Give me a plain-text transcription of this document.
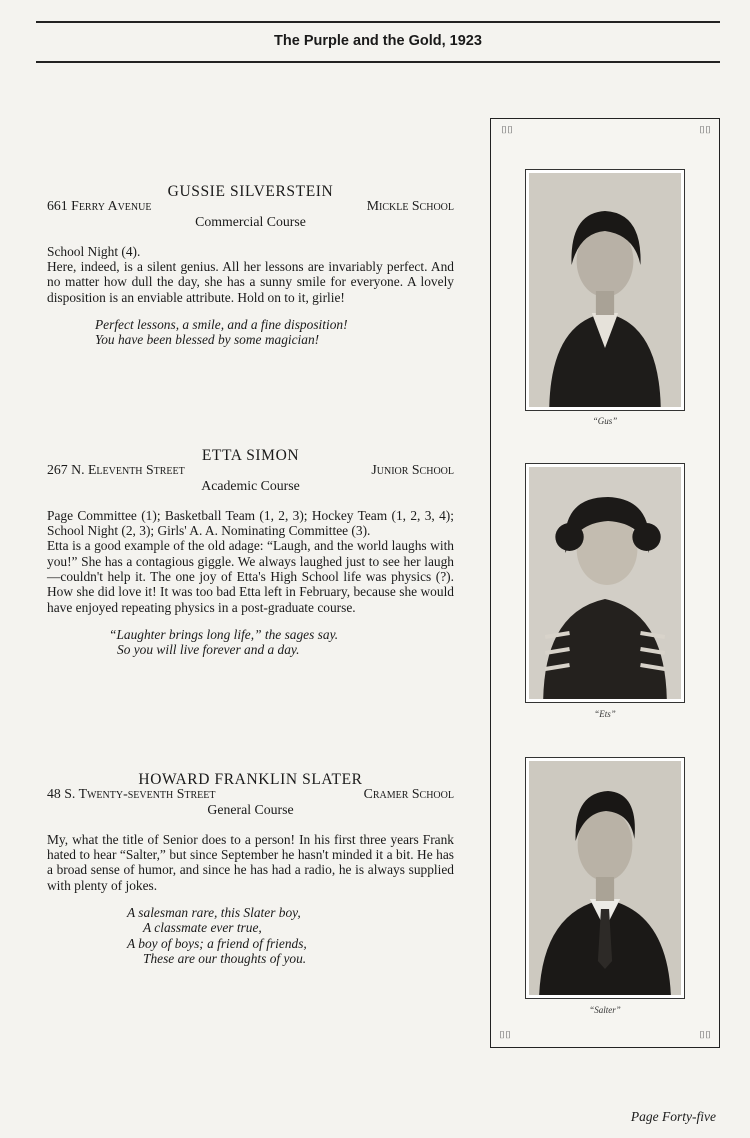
The Purple and the Gold, 1923
GUSSIE SILVERSTEIN
661 Ferry Avenue	Mickle School
Commercial Course

School Night (4).

Here, indeed, is a silent genius. All her lessons are invariably perfect. And no matter how dull the day, she has a sunny smile for everyone. A lovely disposition is an enviable attribute. Hold on to it, girlie!

Perfect lessons, a smile, and a fine disposition!
You have been blessed by some magician!
ETTA SIMON
267 N. Eleventh Street	Junior School
Academic Course

Page Committee (1); Basketball Team (1, 2, 3); Hockey Team (1, 2, 3, 4); School Night (2, 3); Girls' A. A. Nominating Committee (3).

Etta is a good example of the old adage: “Laugh, and the world laughs with you!” She has a contagious giggle. We always laughed just to see her laugh—couldn't help it. The one joy of Etta's High School life was physics (?). How she did love it! It was too bad Etta left in February, because she would have enjoyed repeating physics in a post-graduate course.

“Laughter brings long life,” the sages say.
So you will live forever and a day.
HOWARD FRANKLIN SLATER
48 S. Twenty-seventh Street	Cramer School
General Course

My, what the title of Senior does to a person! In his first three years Frank hated to hear “Salter,” but since September he hasn't minded it a bit. He has a broad sense of humor, and since he has had a radio, he is always supplied with plenty of jokes.

A salesman rare, this Slater boy,
A classmate ever true,
A boy of boys; a friend of friends,
These are our thoughts of you.
⌷⌷	⌷⌷
⌷⌷	⌷⌷
“Gus”
“Ets”
“Salter”
Page Forty-five
